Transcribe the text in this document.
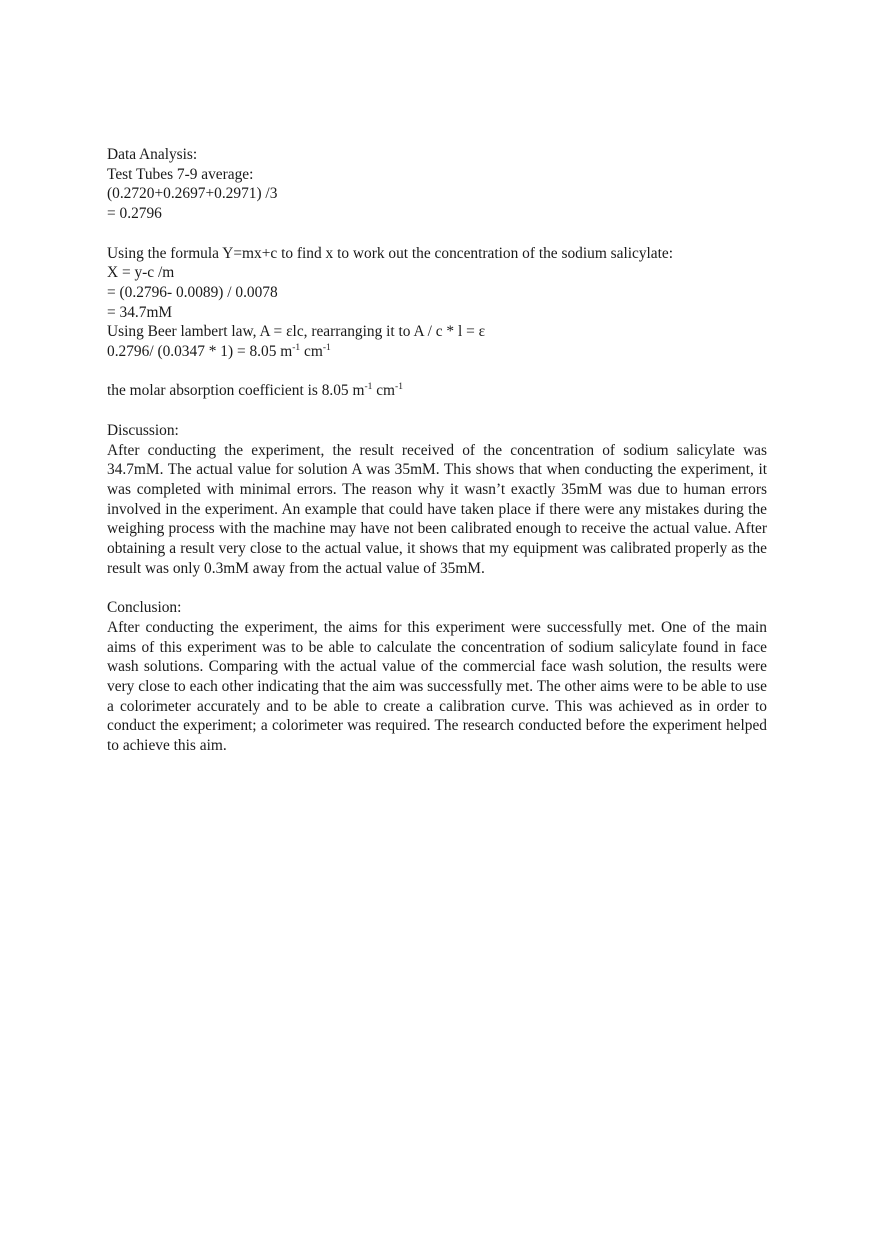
Data Analysis:
Test Tubes 7-9 average:
(0.2720+0.2697+0.2971) /3
= 0.2796
Using the formula Y=mx+c to find x to work out the concentration of the sodium salicylate:
X = y-c /m
= (0.2796- 0.0089) / 0.0078
= 34.7mM
Using Beer lambert law, A = εlc, rearranging it to A / c * l = ε
0.2796/ (0.0347 * 1) = 8.05 $m^{-1}$ $cm^{-1}$
the molar absorption coefficient is 8.05 $m^{-1}$ $cm^{-1}$
Discussion:
After conducting the experiment, the result received of the concentration of sodium salicylate was 34.7mM. The actual value for solution A was 35mM. This shows that when conducting the experiment, it was completed with minimal errors. The reason why it wasn’t exactly 35mM was due to human errors involved in the experiment. An example that could have taken place if there were any mistakes during the weighing process with the machine may have not been calibrated enough to receive the actual value. After obtaining a result very close to the actual value, it shows that my equipment was calibrated properly as the result was only 0.3mM away from the actual value of 35mM.
Conclusion:
After conducting the experiment, the aims for this experiment were successfully met. One of the main aims of this experiment was to be able to calculate the concentration of sodium salicylate found in face wash solutions. Comparing with the actual value of the commercial face wash solution, the results were very close to each other indicating that the aim was successfully met. The other aims were to be able to use a colorimeter accurately and to be able to create a calibration curve. This was achieved as in order to conduct the experiment; a colorimeter was required. The research conducted before the experiment helped to achieve this aim.
